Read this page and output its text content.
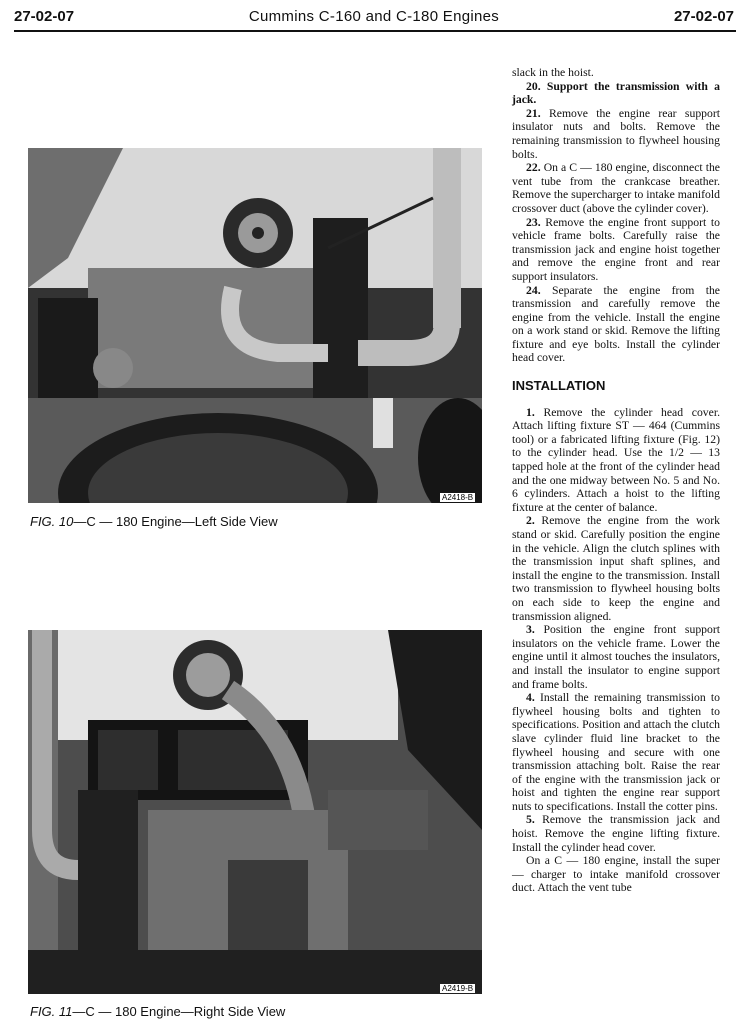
27-02-07	Cummins C-160 and C-180 Engines	27-02-07
A2418-B
FIG. 10—C — 180 Engine—Left Side View
A2419-B
FIG. 11—C — 180 Engine—Right Side View

slack in the hoist.

20. Support the transmission with a jack.

21. Remove the engine rear support insulator nuts and bolts. Remove the remaining transmission to flywheel housing bolts.

22. On a C — 180 engine, disconnect the vent tube from the crankcase breather. Remove the supercharger to intake manifold crossover duct (above the cylinder cover).

23. Remove the engine front support to vehicle frame bolts. Carefully raise the transmission jack and engine hoist together and remove the engine front and rear support insulators.

24. Separate the engine from the transmission and carefully remove the engine from the vehicle. Install the engine on a work stand or skid. Remove the lifting fixture and eye bolts. Install the cylinder head cover.

INSTALLATION

1. Remove the cylinder head cover. Attach lifting fixture ST — 464 (Cummins tool) or a fabricated lifting fixture (Fig. 12) to the cylinder head. Use the 1/2 — 13 tapped hole at the front of the cylinder head and the one midway between No. 5 and No. 6 cylinders. Attach a hoist to the lifting fixture at the center of balance.

2. Remove the engine from the work stand or skid. Carefully position the engine in the vehicle. Align the clutch splines with the transmission input shaft splines, and install the engine to the transmission. Install two transmission to flywheel housing bolts on each side to keep the engine and transmission aligned.

3. Position the engine front support insulators on the vehicle frame. Lower the engine until it almost touches the insulators, and install the insulator to engine support and frame bolts.

4. Install the remaining transmission to flywheel housing bolts and tighten to specifications. Position and attach the clutch slave cylinder fluid line bracket to the flywheel housing and secure with one transmission attaching bolt. Raise the rear of the engine with the transmission jack or hoist and tighten the engine rear support nuts to specifications. Install the cotter pins.

5. Remove the transmission jack and hoist. Remove the engine lifting fixture. Install the cylinder head cover.

On a C — 180 engine, install the super — charger to intake manifold crossover duct. Attach the vent tube
